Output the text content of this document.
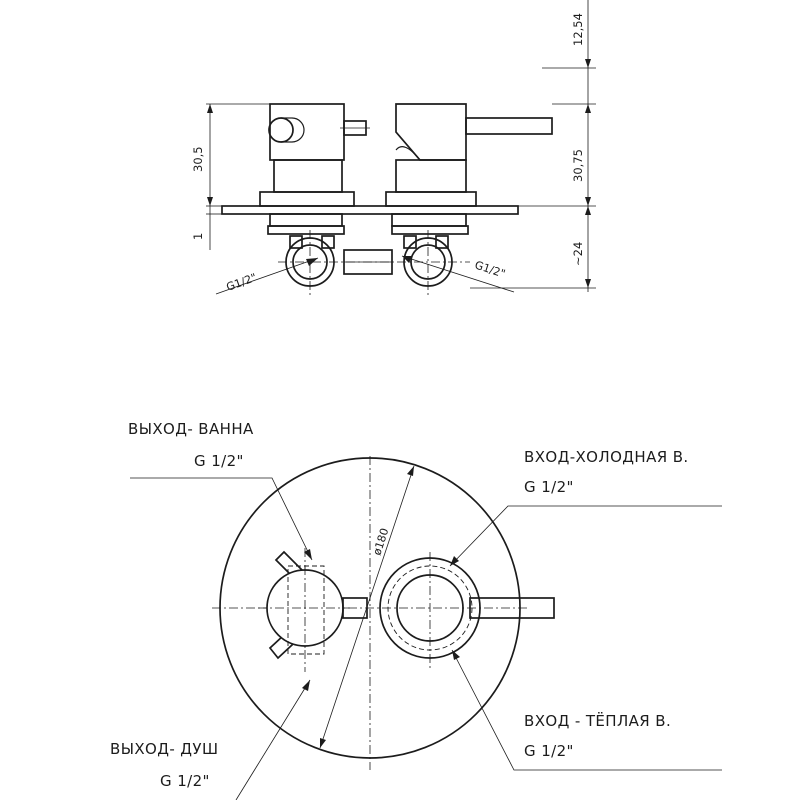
G1/2"
G1/2"
30,5
1
12,54
30,75
~24
ø180
ВЫХОД- ВАННА
G 1/2"	ВХОД-ХОЛОДНАЯ В.
G 1/2"
ВЫХОД- ДУШ
G 1/2"
ВХОД - ТЁПЛАЯ В.
G 1/2"
